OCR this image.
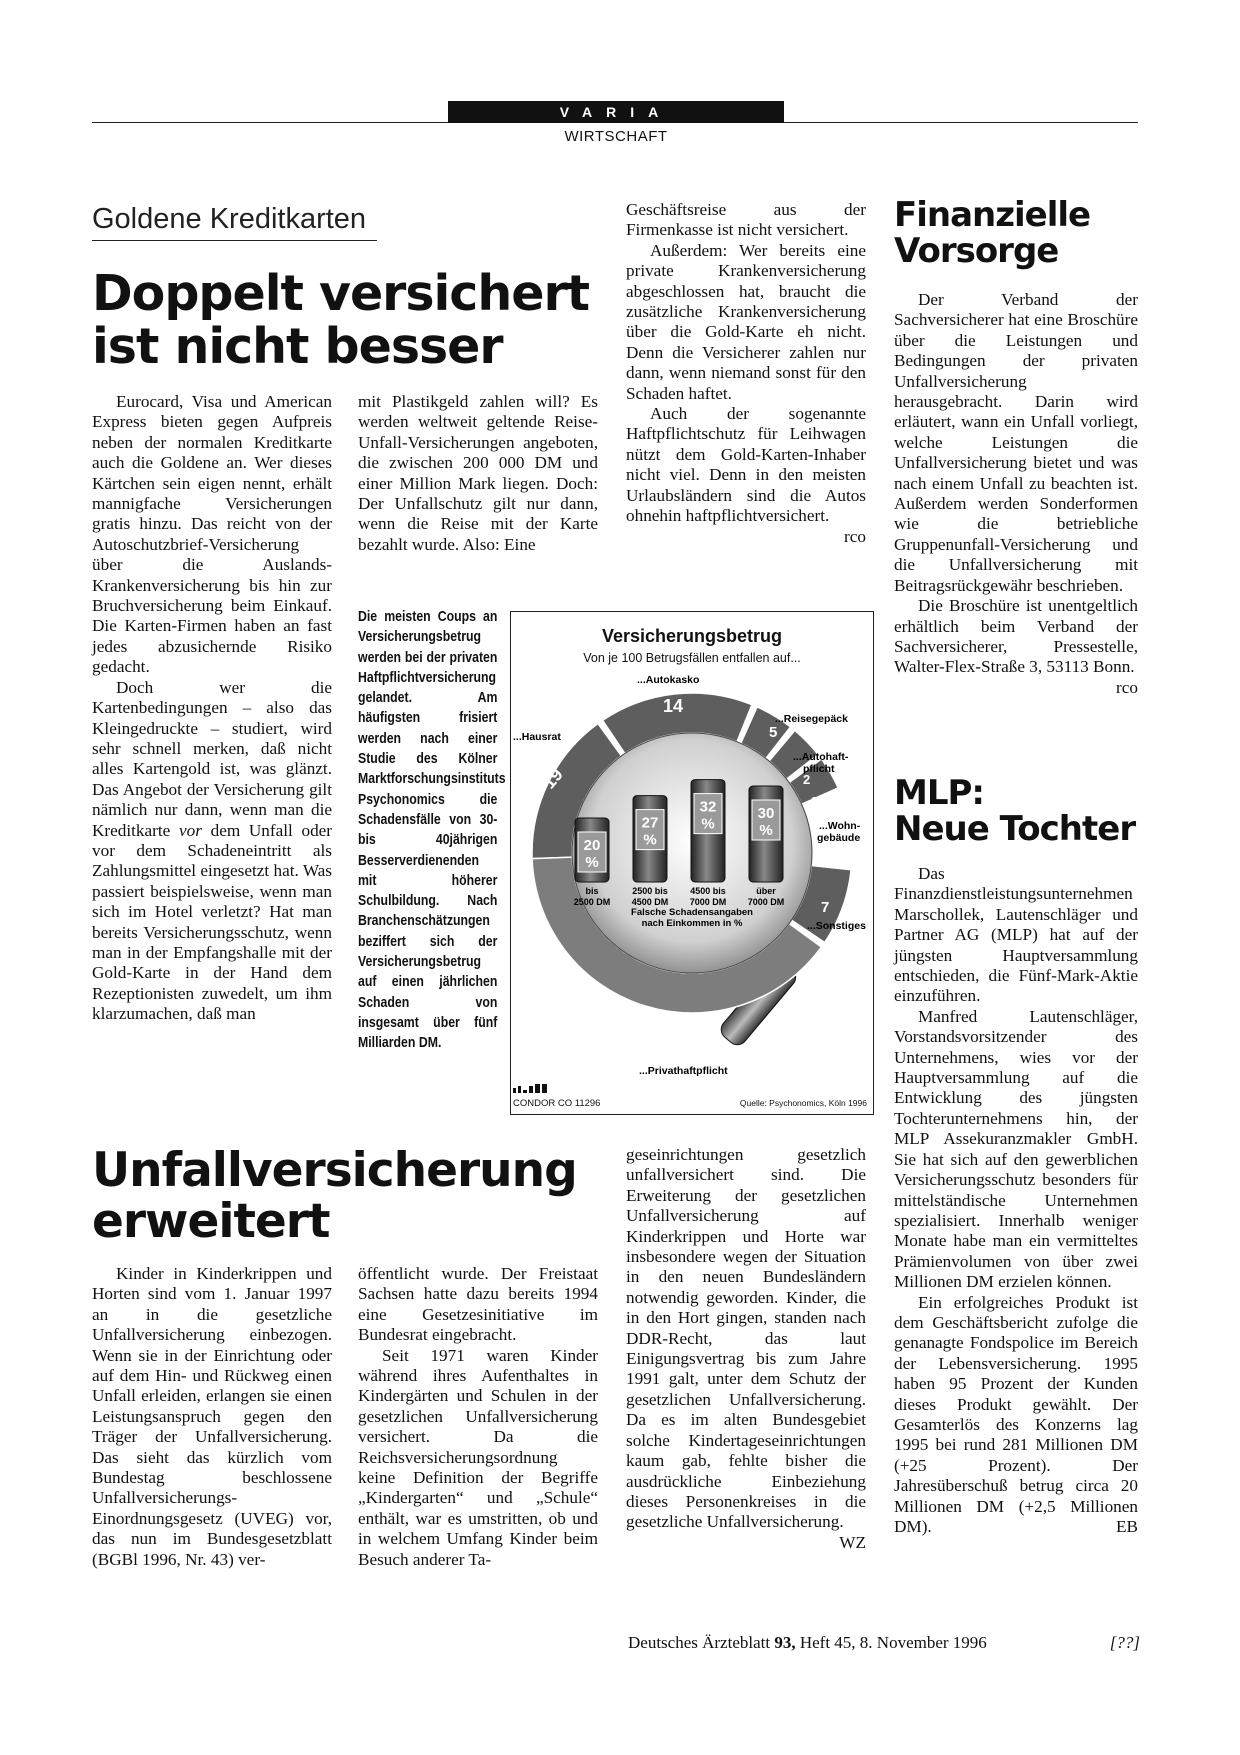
VARIA
WIRTSCHAFT
Goldene Kreditkarten
Doppelt versichert
ist nicht besser

Eurocard, Visa und American Express bieten gegen Aufpreis neben der normalen Kreditkarte auch die Goldene an. Wer dieses Kärtchen sein eigen nennt, erhält mannigfache Versicherungen gratis hinzu. Das reicht von der Autoschutzbrief-Versicherung über die Auslands-Krankenversicherung bis hin zur Bruchversicherung beim Einkauf. Die Karten-Firmen haben an fast jedes abzusichernde Risiko gedacht.

Doch wer die Kartenbedingungen – also das Kleingedruckte – studiert, wird sehr schnell merken, daß nicht alles Kartengold ist, was glänzt. Das Angebot der Versicherung gilt nämlich nur dann, wenn man die Kreditkarte vor dem Unfall oder vor dem Schadeneintritt als Zahlungsmittel eingesetzt hat. Was passiert beispielsweise, wenn man sich im Hotel verletzt? Hat man bereits Versicherungsschutz, wenn man in der Empfangshalle mit der Gold-Karte in der Hand dem Rezeptionisten zuwedelt, um ihm klarzumachen, daß man

mit Plastikgeld zahlen will? Es werden weltweit geltende Reise-Unfall-Versicherungen angeboten, die zwischen 200 000 DM und einer Million Mark liegen. Doch: Der Unfallschutz gilt nur dann, wenn die Reise mit der Karte bezahlt wurde. Also: Eine

Geschäftsreise aus der Firmenkasse ist nicht versichert.

Außerdem: Wer bereits eine private Krankenversicherung abgeschlossen hat, braucht die zusätzliche Krankenversicherung über die Gold-Karte eh nicht. Denn die Versicherer zahlen nur dann, wenn niemand sonst für den Schaden haftet.

Auch der sogenannte Haftpflichtschutz für Leihwagen nützt dem Gold-Karten-Inhaber nicht viel. Denn in den meisten Urlaubsländern sind die Autos ohnehin haftpflichtversichert.
rco

Die meisten Coups an Versicherungsbetrug werden bei der privaten Haftpflichtversicherung gelandet. Am häufigsten frisiert werden nach einer Studie des Kölner Marktforschungsinstituts Psychonomics die Schadensfälle von 30- bis 40jährigen Besserverdienenden mit höherer Schulbildung. Nach Branchenschätzungen beziffert sich der Versicherungsbetrug auf einen jährlichen Schaden von insgesamt über fünf Milliarden DM.
Versicherungsbetrug
Von je 100 Betrugsfällen entfallen auf...
20
%
bis
2500 DM
27
%
2500 bis
4500 DM
32
%
4500 bis
7000 DM
30
%
über
7000 DM
Falsche Schadensangaben
nach Einkommen in %
...Hausrat
...Autokasko
...Reisegepäck
...Autohaft-
pflicht
...Wohn-
gebäude
...Sonstiges
...Privathaftpflicht
14
19
5
2
2
7
51
CONDOR CO 11296	Quelle: Psychonomics, Köln 1996
Finanzielle
Vorsorge

Der Verband der Sachversicherer hat eine Broschüre über die Leistungen und Bedingungen der privaten Unfallversicherung herausgebracht. Darin wird erläutert, wann ein Unfall vorliegt, welche Leistungen die Unfallversicherung bietet und was nach einem Unfall zu beachten ist. Außerdem werden Sonderformen wie die betriebliche Gruppenunfall-Versicherung und die Unfallversicherung mit Beitragsrückgewähr beschrieben.

Die Broschüre ist unentgeltlich erhältlich beim Verband der Sachversicherer, Pressestelle, Walter-Flex-Straße 3, 53113 Bonn.
rco

MLP:
Neue Tochter

Das Finanzdienstleistungsunternehmen Marschollek, Lautenschläger und Partner AG (MLP) hat auf der jüngsten Hauptversammlung entschieden, die Fünf-Mark-Aktie einzuführen.

Manfred Lautenschläger, Vorstandsvorsitzender des Unternehmens, wies vor der Hauptversammlung auf die Entwicklung des jüngsten Tochterunternehmens hin, der MLP Assekuranzmakler GmbH. Sie hat sich auf den gewerblichen Versicherungsschutz besonders für mittelständische Unternehmen spezialisiert. Innerhalb weniger Monate habe man ein vermitteltes Prämienvolumen von über zwei Millionen DM erzielen können.

Ein erfolgreiches Produkt ist dem Geschäftsbericht zufolge die genanagte Fondspolice im Bereich der Lebensversicherung. 1995 haben 95 Prozent der Kunden dieses Produkt gewählt. Der Gesamterlös des Konzerns lag 1995 bei rund 281 Millionen DM (+25 Prozent). Der Jahresüberschuß betrug circa 20 Millionen DM (+2,5 Millionen DM).	EB

Unfallversicherung
erweitert

Kinder in Kinderkrippen und Horten sind vom 1. Januar 1997 an in die gesetzliche Unfallversicherung einbezogen. Wenn sie in der Einrichtung oder auf dem Hin- und Rückweg einen Unfall erleiden, erlangen sie einen Leistungsanspruch gegen den Träger der Unfallversicherung. Das sieht das kürzlich vom Bundestag beschlossene Unfallversicherungs-Einordnungsgesetz (UVEG) vor, das nun im Bundesgesetzblatt (BGBl 1996, Nr. 43) ver-

öffentlicht wurde. Der Freistaat Sachsen hatte dazu bereits 1994 eine Gesetzesinitiative im Bundesrat eingebracht.

Seit 1971 waren Kinder während ihres Aufenthaltes in Kindergärten und Schulen in der gesetzlichen Unfallversicherung versichert. Da die Reichsversicherungsordnung keine Definition der Begriffe „Kindergarten“ und „Schule“ enthält, war es umstritten, ob und in welchem Umfang Kinder beim Besuch anderer Ta-

geseinrichtungen gesetzlich unfallversichert sind. Die Erweiterung der gesetzlichen Unfallversicherung auf Kinderkrippen und Horte war insbesondere wegen der Situation in den neuen Bundesländern notwendig geworden. Kinder, die in den Hort gingen, standen nach DDR-Recht, das laut Einigungsvertrag bis zum Jahre 1991 galt, unter dem Schutz der gesetzlichen Unfallversicherung. Da es im alten Bundesgebiet solche Kindertageseinrichtungen kaum gab, fehlte bisher die ausdrückliche Einbeziehung dieses Personenkreises in die gesetzliche Unfallversicherung.
WZ

Deutsches Ärzteblatt 93, Heft 45, 8. November 1996	[??]
